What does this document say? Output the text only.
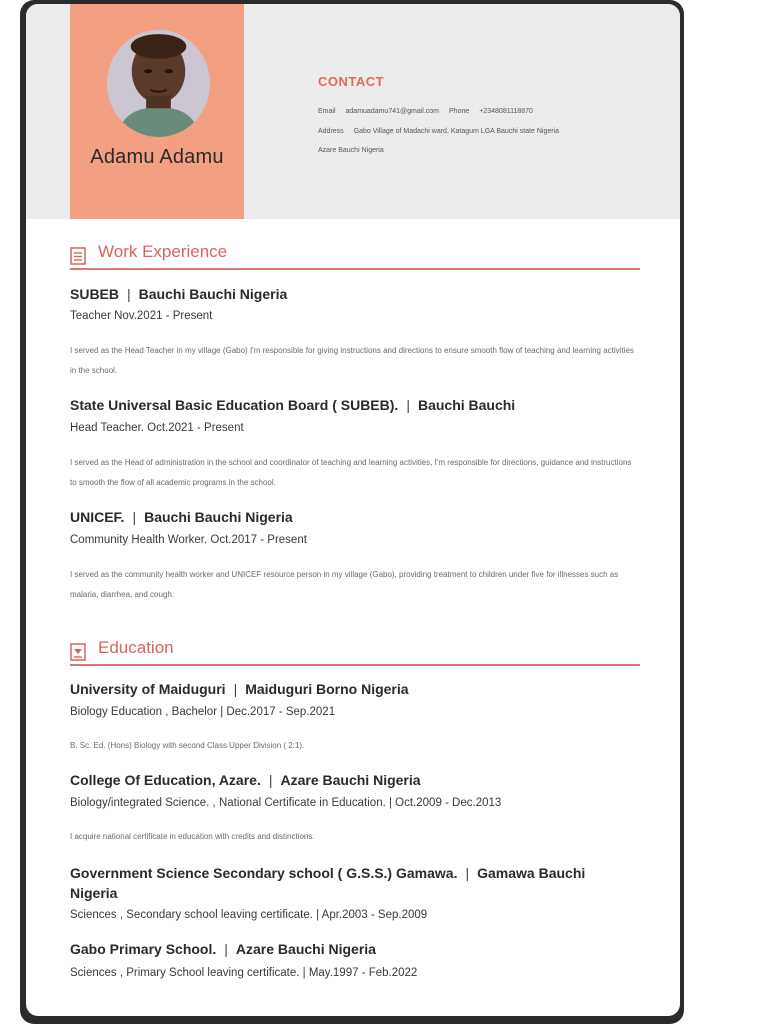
Adamu Adamu
CONTACT
Email adamuadamu741@gmail.com Phone +2348081118870
Address Gabo Village of Madachi ward, Katagum LGA Bauchi state Nigeria
Azare Bauchi Nigeria
Work Experience
SUBEB | Bauchi Bauchi Nigeria
Teacher Nov.2021 - Present
I served as the Head Teacher in my village (Gabo) I'm responsible for giving instructions and directions to ensure smooth flow of teaching and learning activities in the school.
State Universal Basic Education Board ( SUBEB). | Bauchi Bauchi
Head Teacher. Oct.2021 - Present
I served as the Head of administration in the school and coordinator of teaching and learning activities, I'm responsible for directions, guidance and instructions to smooth the flow of all academic programs in the school.
UNICEF. | Bauchi Bauchi Nigeria
Community Health Worker. Oct.2017 - Present
I served as the community health worker and UNICEF resource person in my village (Gabo), providing treatment to children under five for illnesses such as malaria, diarrhea, and cough.
Education
University of Maiduguri | Maiduguri Borno Nigeria
Biology Education , Bachelor | Dec.2017 - Sep.2021
B. Sc. Ed. (Hons) Biology with second Class Upper Division ( 2:1).
College Of Education, Azare. | Azare Bauchi Nigeria
Biology/integrated Science. , National Certificate in Education. | Oct.2009 - Dec.2013
I acquire national certificate in education with credits and distinctions.
Government Science Secondary school ( G.S.S.) Gamawa. | Gamawa Bauchi Nigeria
Sciences , Secondary school leaving certificate. | Apr.2003 - Sep.2009
Gabo Primary School. | Azare Bauchi Nigeria
Sciences , Primary School leaving certificate. | May.1997 - Feb.2022
